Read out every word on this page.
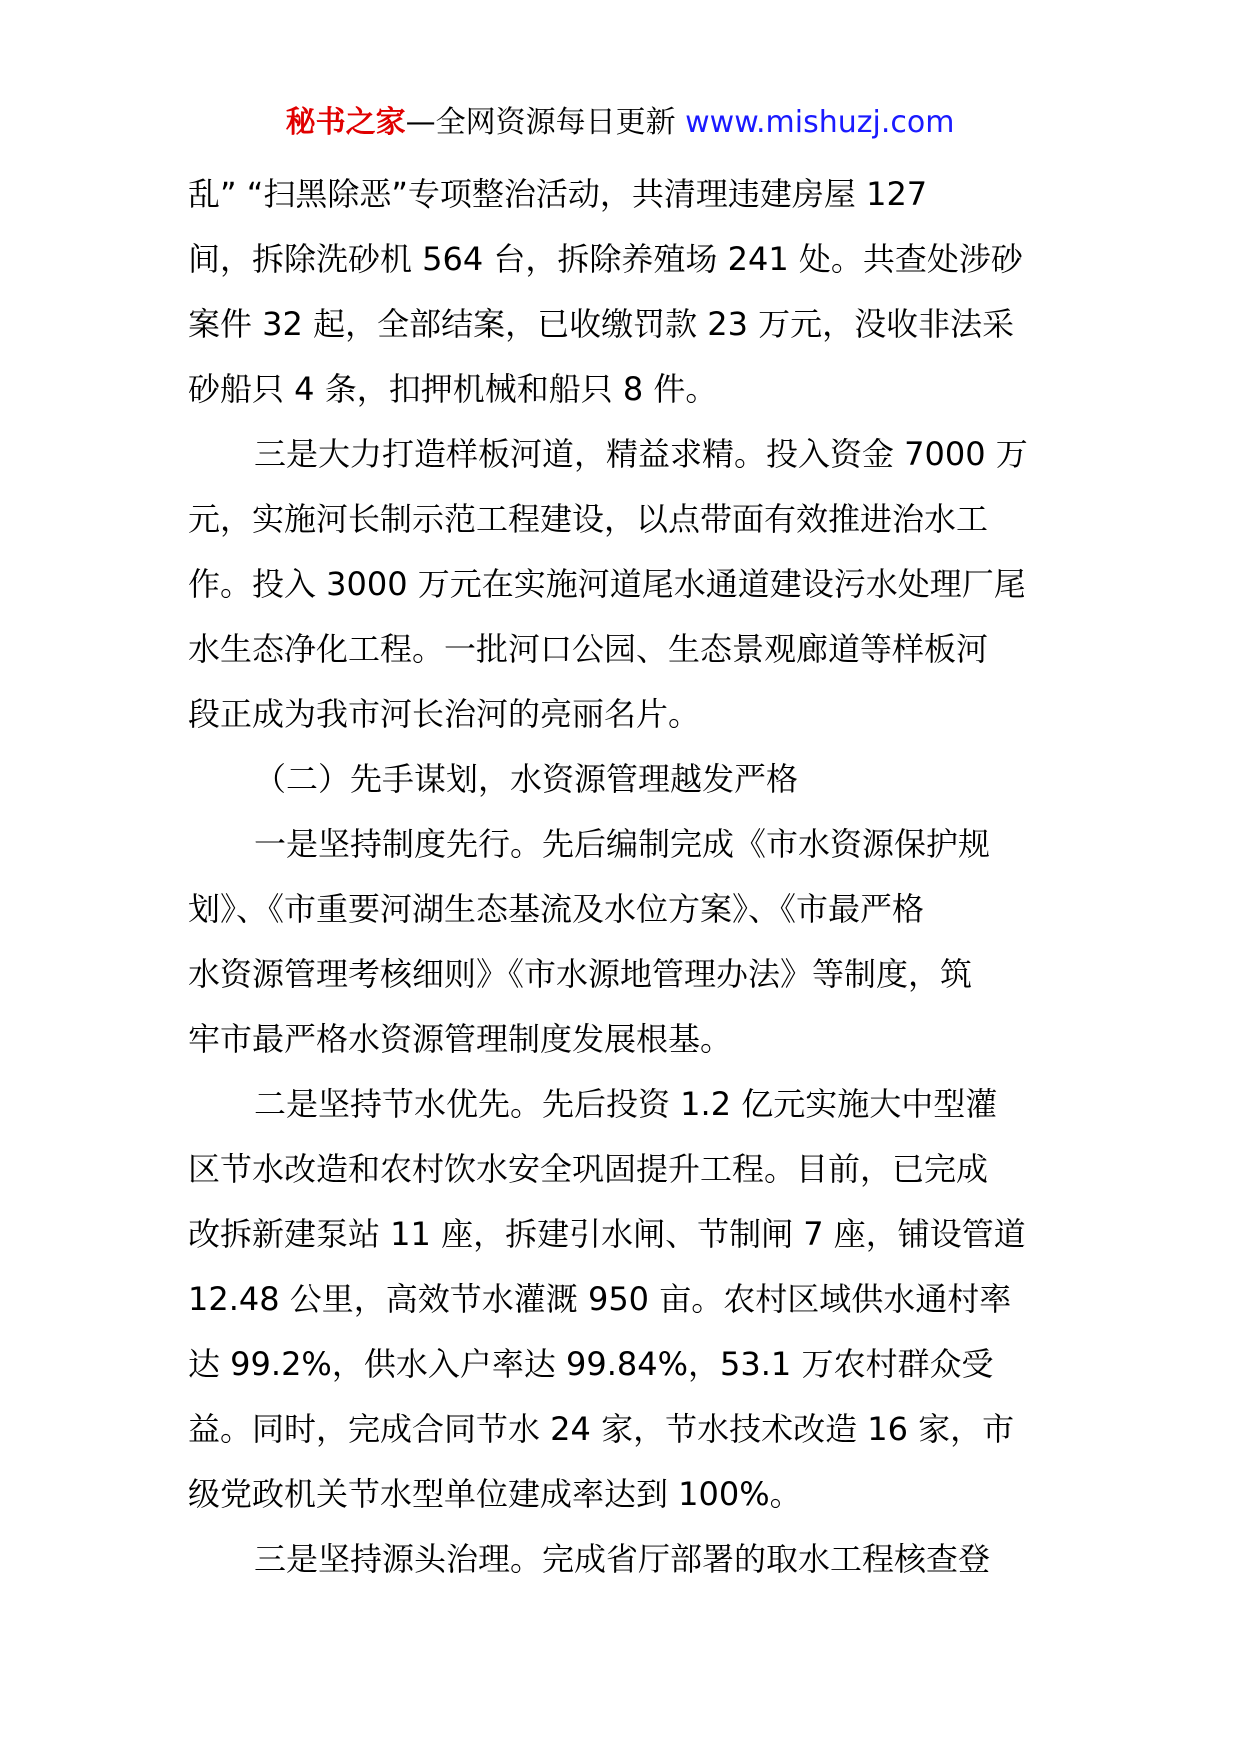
秘书之家—全网资源每日更新 www.mishuzj.com
乱” “扫黑除恶”专项整治活动，共清理违建房屋 127
间，拆除洗砂机 564 台，拆除养殖场 241 处。共查处涉砂
案件 32 起，全部结案，已收缴罚款 23 万元，没收非法采
砂船只 4 条，扣押机械和船只 8 件。
三是大力打造样板河道，精益求精。投入资金 7000 万
元，实施河长制示范工程建设，以点带面有效推进治水工
作。投入 3000 万元在实施河道尾水通道建设污水处理厂尾
水生态净化工程。一批河口公园、生态景观廊道等样板河
段正成为我市河长治河的亮丽名片。
（二）先手谋划，水资源管理越发严格
一是坚持制度先行。先后编制完成《市水资源保护规
划》、《市重要河湖生态基流及水位方案》、《市最严格
水资源管理考核细则》《市水源地管理办法》等制度，筑
牢市最严格水资源管理制度发展根基。
二是坚持节水优先。先后投资 1.2 亿元实施大中型灌
区节水改造和农村饮水安全巩固提升工程。目前，已完成
改拆新建泵站 11 座，拆建引水闸、节制闸 7 座，铺设管道
12.48 公里，高效节水灌溉 950 亩。农村区域供水通村率
达 99.2%，供水入户率达 99.84%，53.1 万农村群众受
益。同时，完成合同节水 24 家，节水技术改造 16 家，市
级党政机关节水型单位建成率达到 100%。
三是坚持源头治理。完成省厅部署的取水工程核查登
